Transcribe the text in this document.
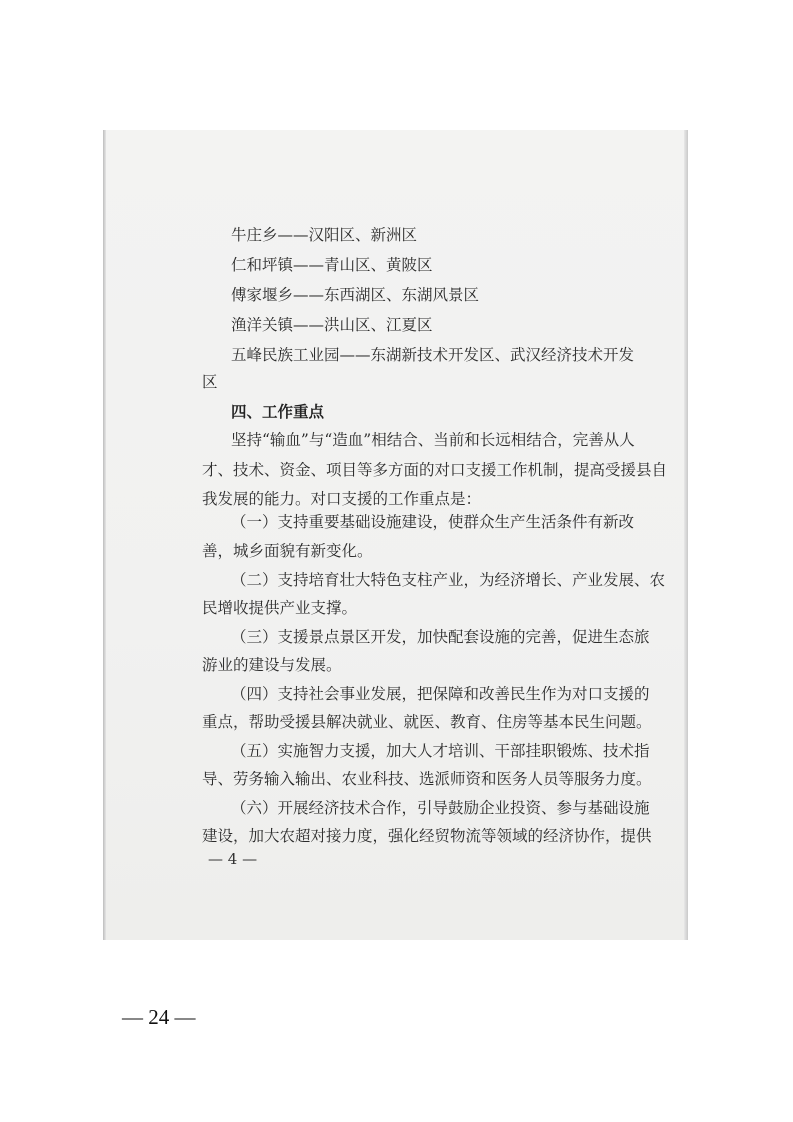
牛庄乡——汉阳区、新洲区
仁和坪镇——青山区、黄陂区
傅家堰乡——东西湖区、东湖风景区
渔洋关镇——洪山区、江夏区
五峰民族工业园——东湖新技术开发区、武汉经济技术开发
区
四、工作重点
坚持“输血”与“造血”相结合、当前和长远相结合，完善从人
才、技术、资金、项目等多方面的对口支援工作机制，提高受援县自
我发展的能力。对口支援的工作重点是：
（一）支持重要基础设施建设，使群众生产生活条件有新改
善，城乡面貌有新变化。
（二）支持培育壮大特色支柱产业，为经济增长、产业发展、农
民增收提供产业支撑。
（三）支援景点景区开发，加快配套设施的完善，促进生态旅
游业的建设与发展。
（四）支持社会事业发展，把保障和改善民生作为对口支援的
重点，帮助受援县解决就业、就医、教育、住房等基本民生问题。
（五）实施智力支援，加大人才培训、干部挂职锻炼、技术指
导、劳务输入输出、农业科技、选派师资和医务人员等服务力度。
（六）开展经济技术合作，引导鼓励企业投资、参与基础设施
建设，加大农超对接力度，强化经贸物流等领域的经济协作，提供
— 4 —
— 24 —
